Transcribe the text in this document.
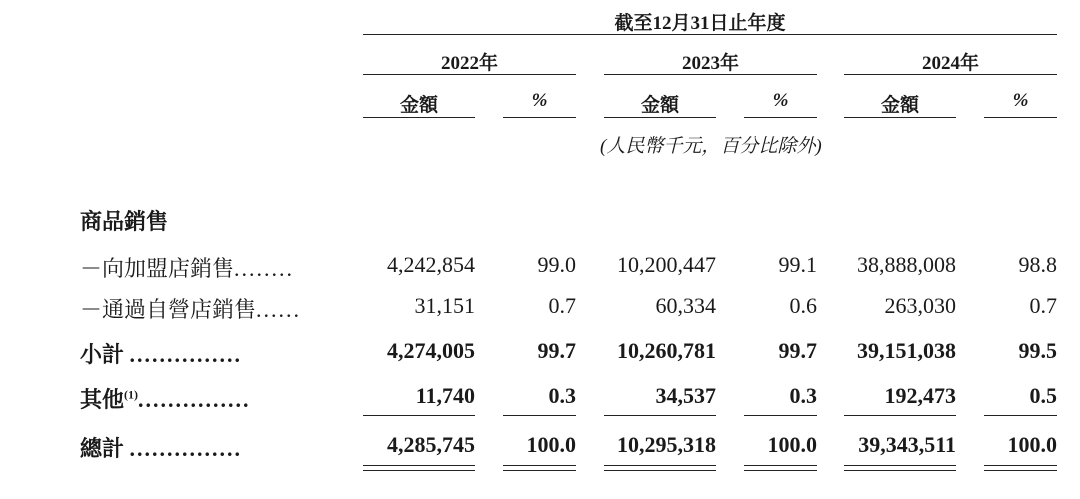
截至12月31日止年度
2022年	2023年	2024年
金額	%	金額	%	金額	%
(人民幣千元，百分比除外)
商品銷售
－向加盟店銷售........	4,242,854	99.0	10,200,447	99.1	38,888,008	98.8
－通過自營店銷售......	31,151	0.7	60,334	0.6	263,030	0.7
小計 ...............	4,274,005	99.7	10,260,781	99.7	39,151,038	99.5
其他$^{(1)}$...............	11,740	0.3	34,537	0.3	192,473	0.5
總計 ...............	4,285,745	100.0	10,295,318	100.0	39,343,511	100.0
